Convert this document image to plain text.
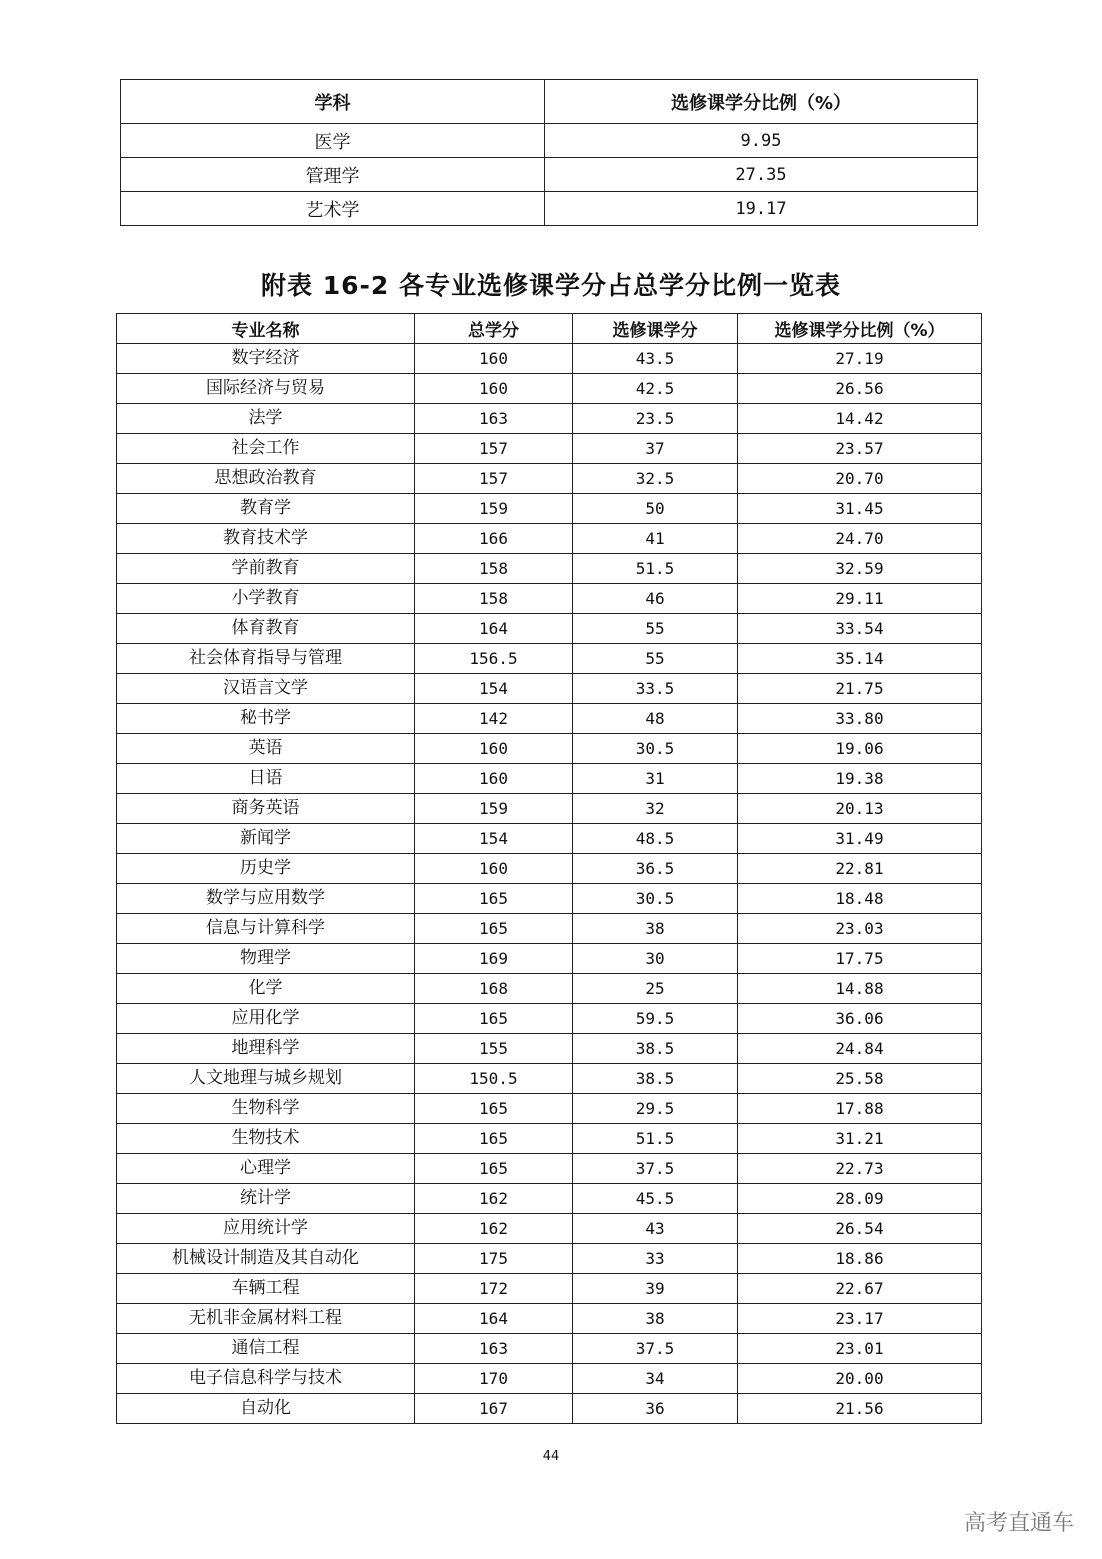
学科	选修课学分比例（%）
医学	9.95
管理学	27.35
艺术学	19.17
附表 16-2 各专业选修课学分占总学分比例一览表
专业名称	总学分	选修课学分	选修课学分比例（%）
数字经济	160	43.5	27.19
国际经济与贸易	160	42.5	26.56
法学	163	23.5	14.42
社会工作	157	37	23.57
思想政治教育	157	32.5	20.70
教育学	159	50	31.45
教育技术学	166	41	24.70
学前教育	158	51.5	32.59
小学教育	158	46	29.11
体育教育	164	55	33.54
社会体育指导与管理	156.5	55	35.14
汉语言文学	154	33.5	21.75
秘书学	142	48	33.80
英语	160	30.5	19.06
日语	160	31	19.38
商务英语	159	32	20.13
新闻学	154	48.5	31.49
历史学	160	36.5	22.81
数学与应用数学	165	30.5	18.48
信息与计算科学	165	38	23.03
物理学	169	30	17.75
化学	168	25	14.88
应用化学	165	59.5	36.06
地理科学	155	38.5	24.84
人文地理与城乡规划	150.5	38.5	25.58
生物科学	165	29.5	17.88
生物技术	165	51.5	31.21
心理学	165	37.5	22.73
统计学	162	45.5	28.09
应用统计学	162	43	26.54
机械设计制造及其自动化	175	33	18.86
车辆工程	172	39	22.67
无机非金属材料工程	164	38	23.17
通信工程	163	37.5	23.01
电子信息科学与技术	170	34	20.00
自动化	167	36	21.56
44
高考直通车
